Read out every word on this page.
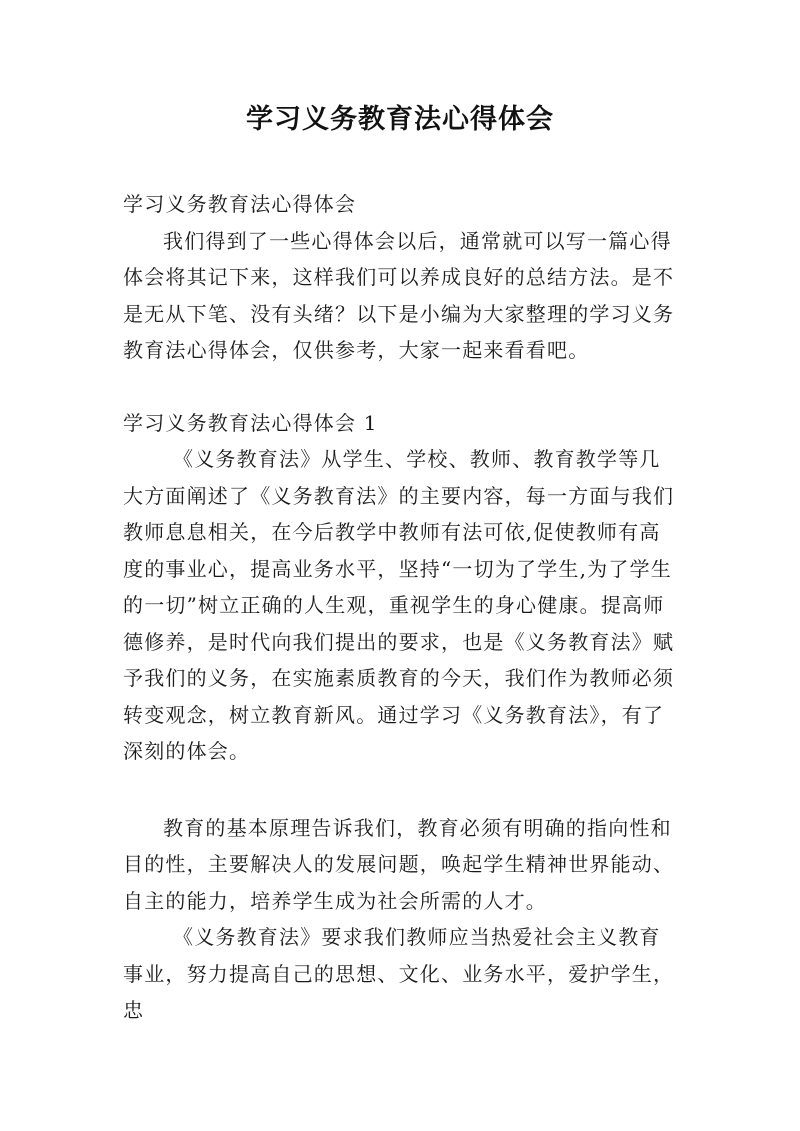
学习义务教育法心得体会

学习义务教育法心得体会

我们得到了一些心得体会以后，通常就可以写一篇心得体会将其记下来，这样我们可以养成良好的总结方法。是不是无从下笔、没有头绪？以下是小编为大家整理的学习义务教育法心得体会，仅供参考，大家一起来看看吧。

学习义务教育法心得体会 1

《义务教育法》从学生、学校、教师、教育教学等几大方面阐述了《义务教育法》的主要内容，每一方面与我们教师息息相关，在今后教学中教师有法可依,促使教师有高度的事业心，提高业务水平，坚持“一切为了学生,为了学生的一切”树立正确的人生观，重视学生的身心健康。提高师德修养，是时代向我们提出的要求，也是《义务教育法》赋予我们的义务，在实施素质教育的今天，我们作为教师必须转变观念，树立教育新风。通过学习《义务教育法》，有了深刻的体会。

教育的基本原理告诉我们，教育必须有明确的指向性和目的性，主要解决人的发展问题，唤起学生精神世界能动、自主的能力，培养学生成为社会所需的人才。

《义务教育法》要求我们教师应当热爱社会主义教育事业，努力提高自己的思想、文化、业务水平，爱护学生，忠
